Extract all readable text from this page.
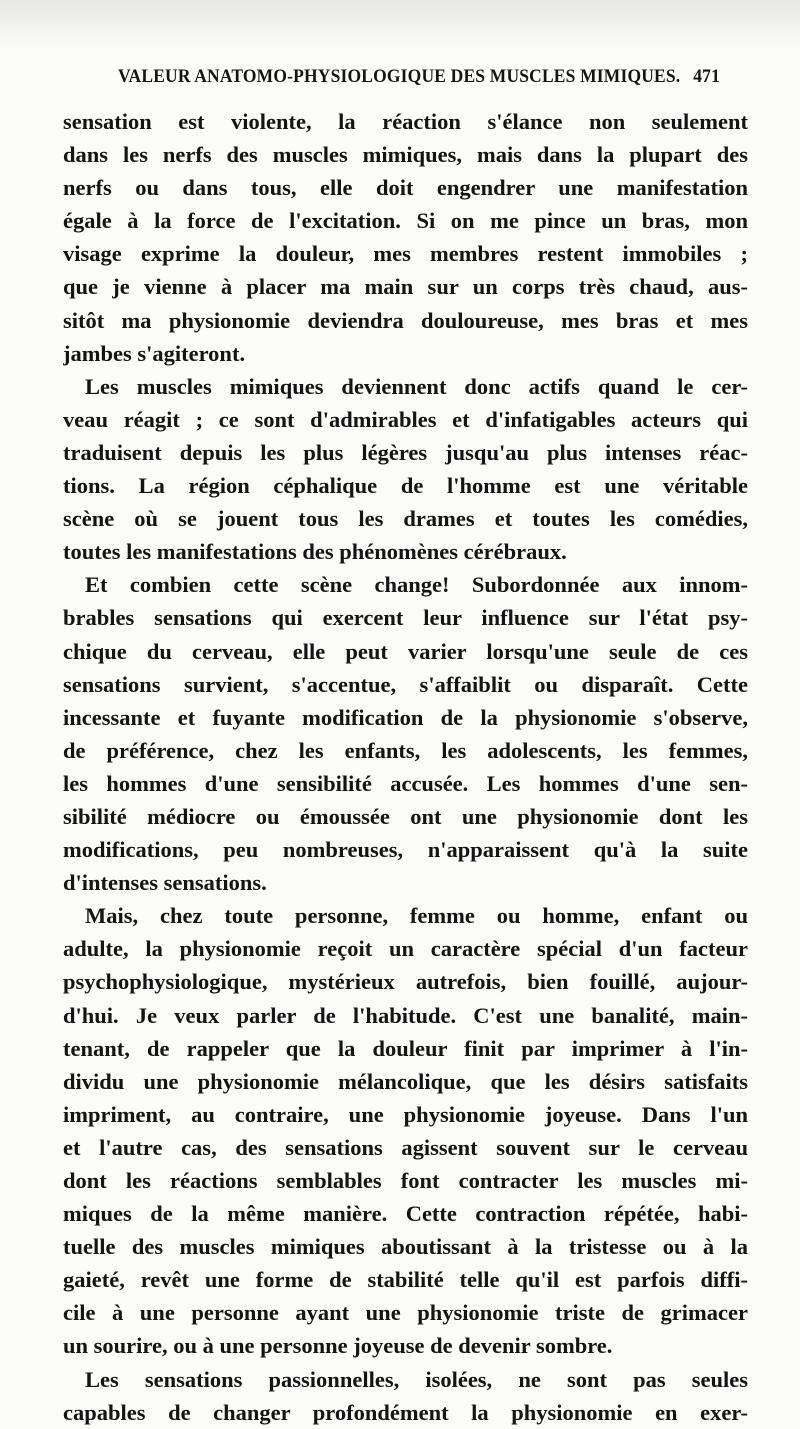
VALEUR ANATOMO-PHYSIOLOGIQUE DES MUSCLES MIMIQUES. 471
sensation est violente, la réaction s'élance non seulement
dans les nerfs des muscles mimiques, mais dans la plupart des
nerfs ou dans tous, elle doit engendrer une manifestation
égale à la force de l'excitation. Si on me pince un bras, mon
visage exprime la douleur, mes membres restent immobiles ;
que je vienne à placer ma main sur un corps très chaud, aus-
sitôt ma physionomie deviendra douloureuse, mes bras et mes
jambes s'agiteront.
Les muscles mimiques deviennent donc actifs quand le cer-
veau réagit ; ce sont d'admirables et d'infatigables acteurs qui
traduisent depuis les plus légères jusqu'au plus intenses réac-
tions. La région céphalique de l'homme est une véritable
scène où se jouent tous les drames et toutes les comédies,
toutes les manifestations des phénomènes cérébraux.
Et combien cette scène change! Subordonnée aux innom-
brables sensations qui exercent leur influence sur l'état psy-
chique du cerveau, elle peut varier lorsqu'une seule de ces
sensations survient, s'accentue, s'affaiblit ou disparaît. Cette
incessante et fuyante modification de la physionomie s'observe,
de préférence, chez les enfants, les adolescents, les femmes,
les hommes d'une sensibilité accusée. Les hommes d'une sen-
sibilité médiocre ou émoussée ont une physionomie dont les
modifications, peu nombreuses, n'apparaissent qu'à la suite
d'intenses sensations.
Mais, chez toute personne, femme ou homme, enfant ou
adulte, la physionomie reçoit un caractère spécial d'un facteur
psychophysiologique, mystérieux autrefois, bien fouillé, aujour-
d'hui. Je veux parler de l'habitude. C'est une banalité, main-
tenant, de rappeler que la douleur finit par imprimer à l'in-
dividu une physionomie mélancolique, que les désirs satisfaits
impriment, au contraire, une physionomie joyeuse. Dans l'un
et l'autre cas, des sensations agissent souvent sur le cerveau
dont les réactions semblables font contracter les muscles mi-
miques de la même manière. Cette contraction répétée, habi-
tuelle des muscles mimiques aboutissant à la tristesse ou à la
gaieté, revêt une forme de stabilité telle qu'il est parfois diffi-
cile à une personne ayant une physionomie triste de grimacer
un sourire, ou à une personne joyeuse de devenir sombre.
Les sensations passionnelles, isolées, ne sont pas seules
capables de changer profondément la physionomie en exer-
